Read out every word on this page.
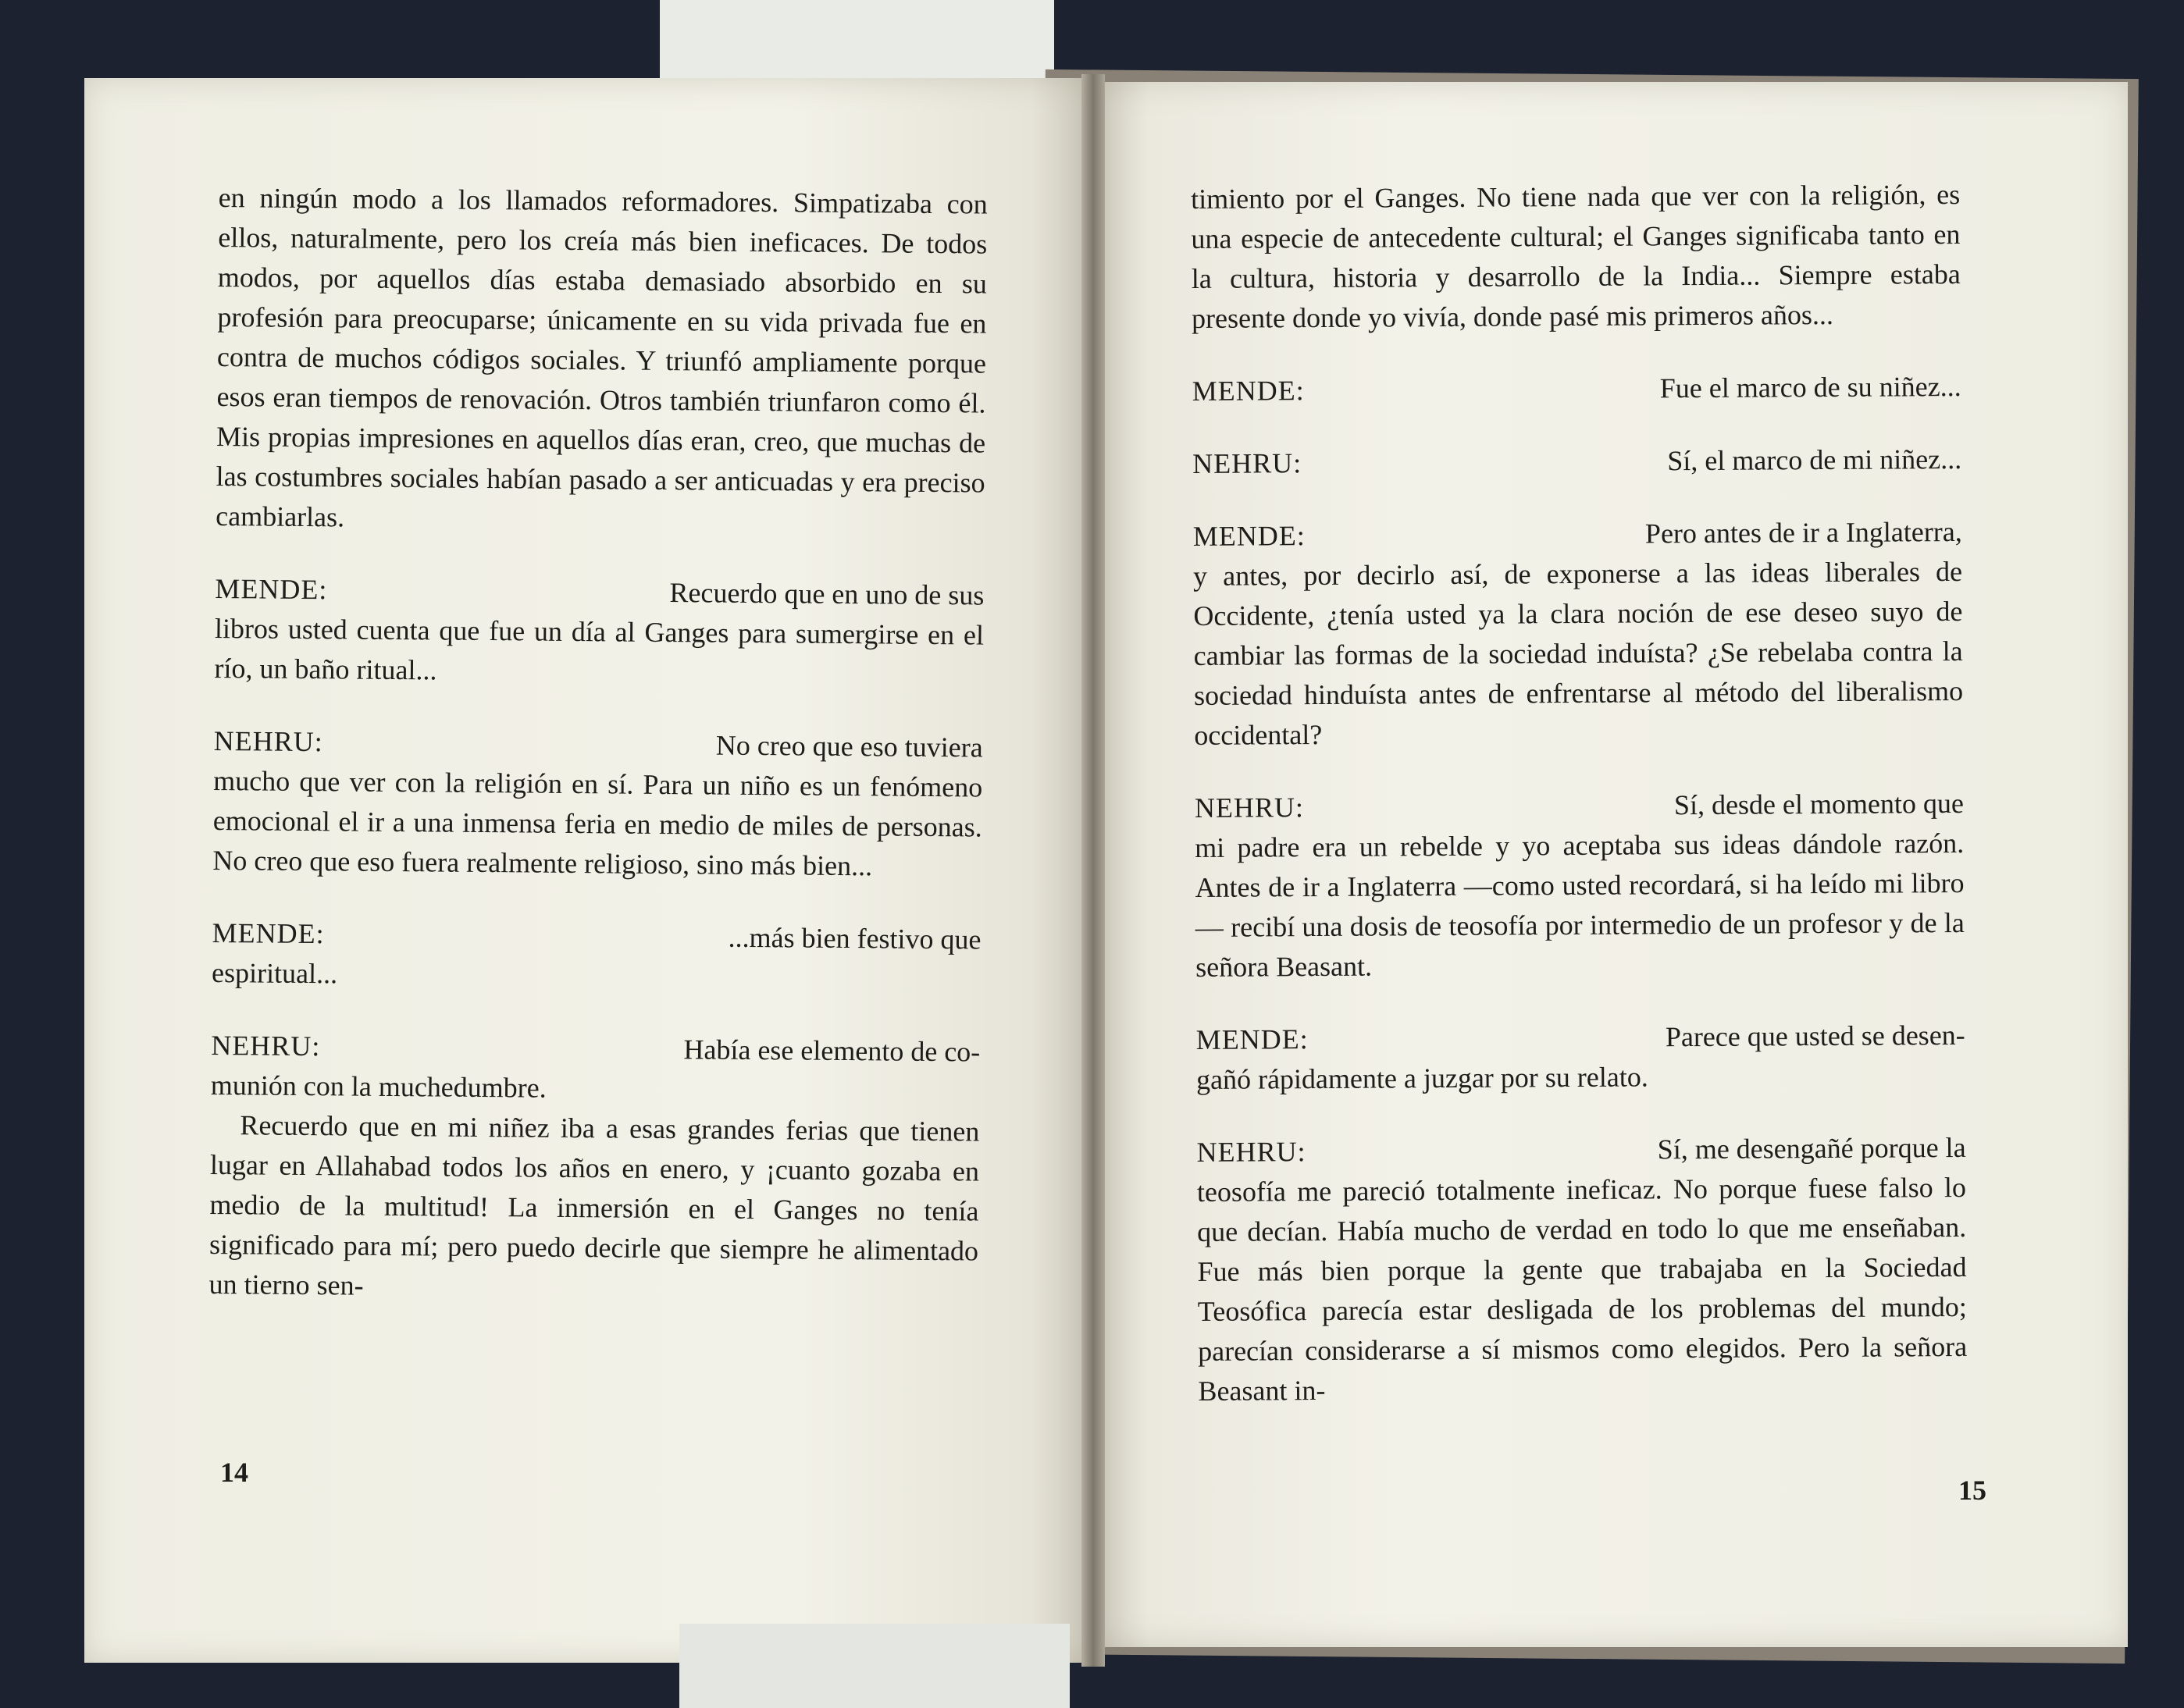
en ningún modo a los llamados reformadores. Simpatizaba con ellos, naturalmente, pero los creía más bien ineficaces. De todos modos, por aquellos días estaba demasiado absorbido en su profesión para preocuparse; únicamente en su vida privada fue en contra de muchos códigos sociales. Y triunfó ampliamente porque esos eran tiempos de renovación. Otros también triunfaron como él. Mis propias impresiones en aquellos días eran, creo, que muchas de las costumbres sociales habían pasado a ser anticuadas y era preciso cambiarlas.

MENDE:	Recuerdo que en uno de sus

libros usted cuenta que fue un día al Ganges para sumergirse en el río, un baño ritual...

NEHRU:	No creo que eso tuviera

mucho que ver con la religión en sí. Para un niño es un fenómeno emocional el ir a una inmensa feria en medio de miles de personas. No creo que eso fuera realmente religioso, sino más bien...

MENDE:	...más bien festivo que

espiritual...

NEHRU:	Había ese elemento de co-

munión con la muchedumbre.

Recuerdo que en mi niñez iba a esas grandes ferias que tienen lugar en Allahabad todos los años en enero, y ¡cuanto gozaba en medio de la multitud! La inmersión en el Ganges no tenía significado para mí; pero puedo decirle que siempre he alimentado un tierno sen-

14

timiento por el Ganges. No tiene nada que ver con la religión, es una especie de antecedente cultural; el Ganges significaba tanto en la cultura, historia y desarrollo de la India... Siempre estaba presente donde yo vivía, donde pasé mis primeros años...

MENDE:	Fue el marco de su niñez...
NEHRU:	Sí, el marco de mi niñez...
MENDE:	Pero antes de ir a Inglaterra,

y antes, por decirlo así, de exponerse a las ideas liberales de Occidente, ¿tenía usted ya la clara noción de ese deseo suyo de cambiar las formas de la sociedad induísta? ¿Se rebelaba contra la sociedad hinduísta antes de enfrentarse al método del liberalismo occidental?

NEHRU:	Sí, desde el momento que

mi padre era un rebelde y yo aceptaba sus ideas dándole razón. Antes de ir a Inglaterra —como usted recordará, si ha leído mi libro— recibí una dosis de teosofía por intermedio de un profesor y de la señora Beasant.

MENDE:	Parece que usted se desen-

gañó rápidamente a juzgar por su relato.

NEHRU:	Sí, me desengañé porque la

teosofía me pareció totalmente ineficaz. No porque fuese falso lo que decían. Había mucho de verdad en todo lo que me enseñaban. Fue más bien porque la gente que trabajaba en la Sociedad Teosófica parecía estar desligada de los problemas del mundo; parecían considerarse a sí mismos como elegidos. Pero la señora Beasant in-

15
